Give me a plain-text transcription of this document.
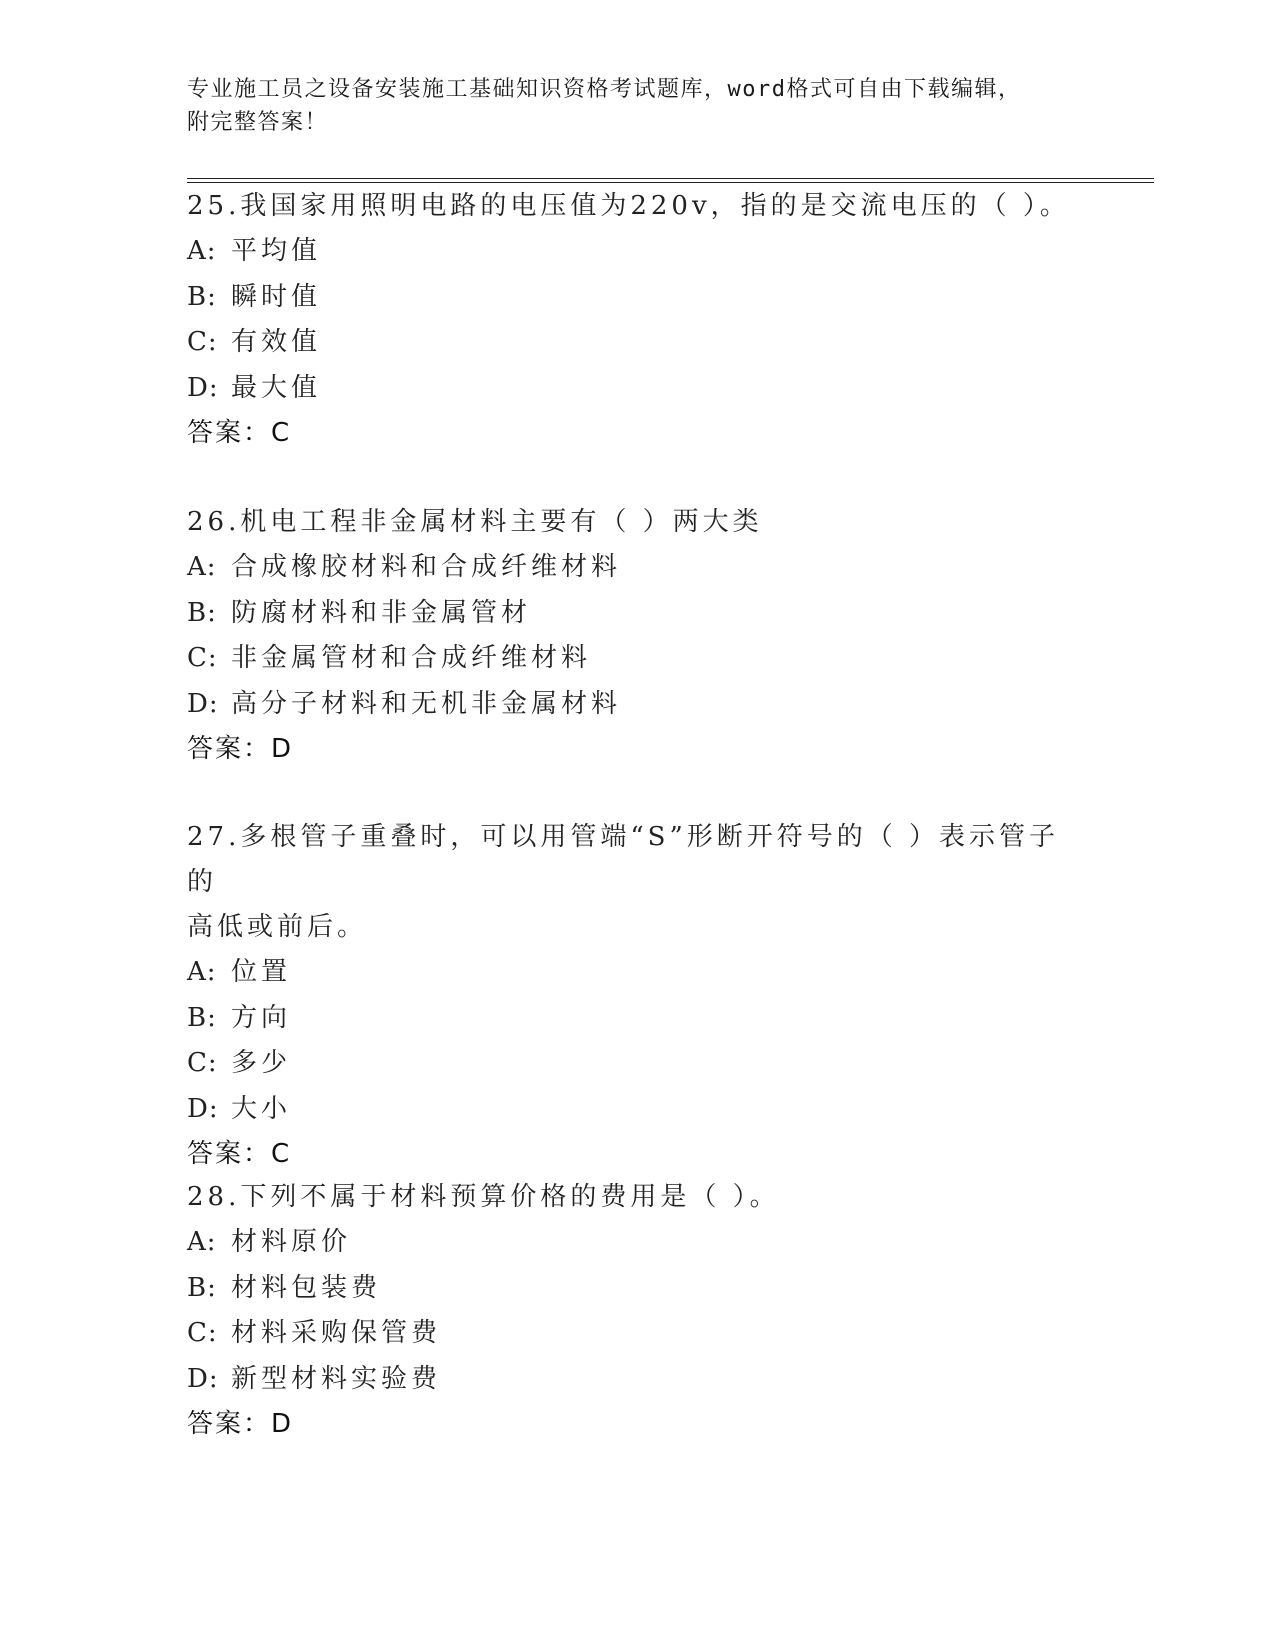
专业施工员之设备安装施工基础知识资格考试题库，word格式可自由下载编辑，
附完整答案！
25.我国家用照明电路的电压值为220v，指的是交流电压的（ ）。
A: 平均值
B: 瞬时值
C: 有效值
D: 最大值
答案：C
26.机电工程非金属材料主要有（ ）两大类
A: 合成橡胶材料和合成纤维材料
B: 防腐材料和非金属管材
C: 非金属管材和合成纤维材料
D: 高分子材料和无机非金属材料
答案：D
27.多根管子重叠时，可以用管端“S”形断开符号的（ ）表示管子的
高低或前后。
A: 位置
B: 方向
C: 多少
D: 大小
答案：C
28.下列不属于材料预算价格的费用是（ ）。
A: 材料原价
B: 材料包装费
C: 材料采购保管费
D: 新型材料实验费
答案：D
